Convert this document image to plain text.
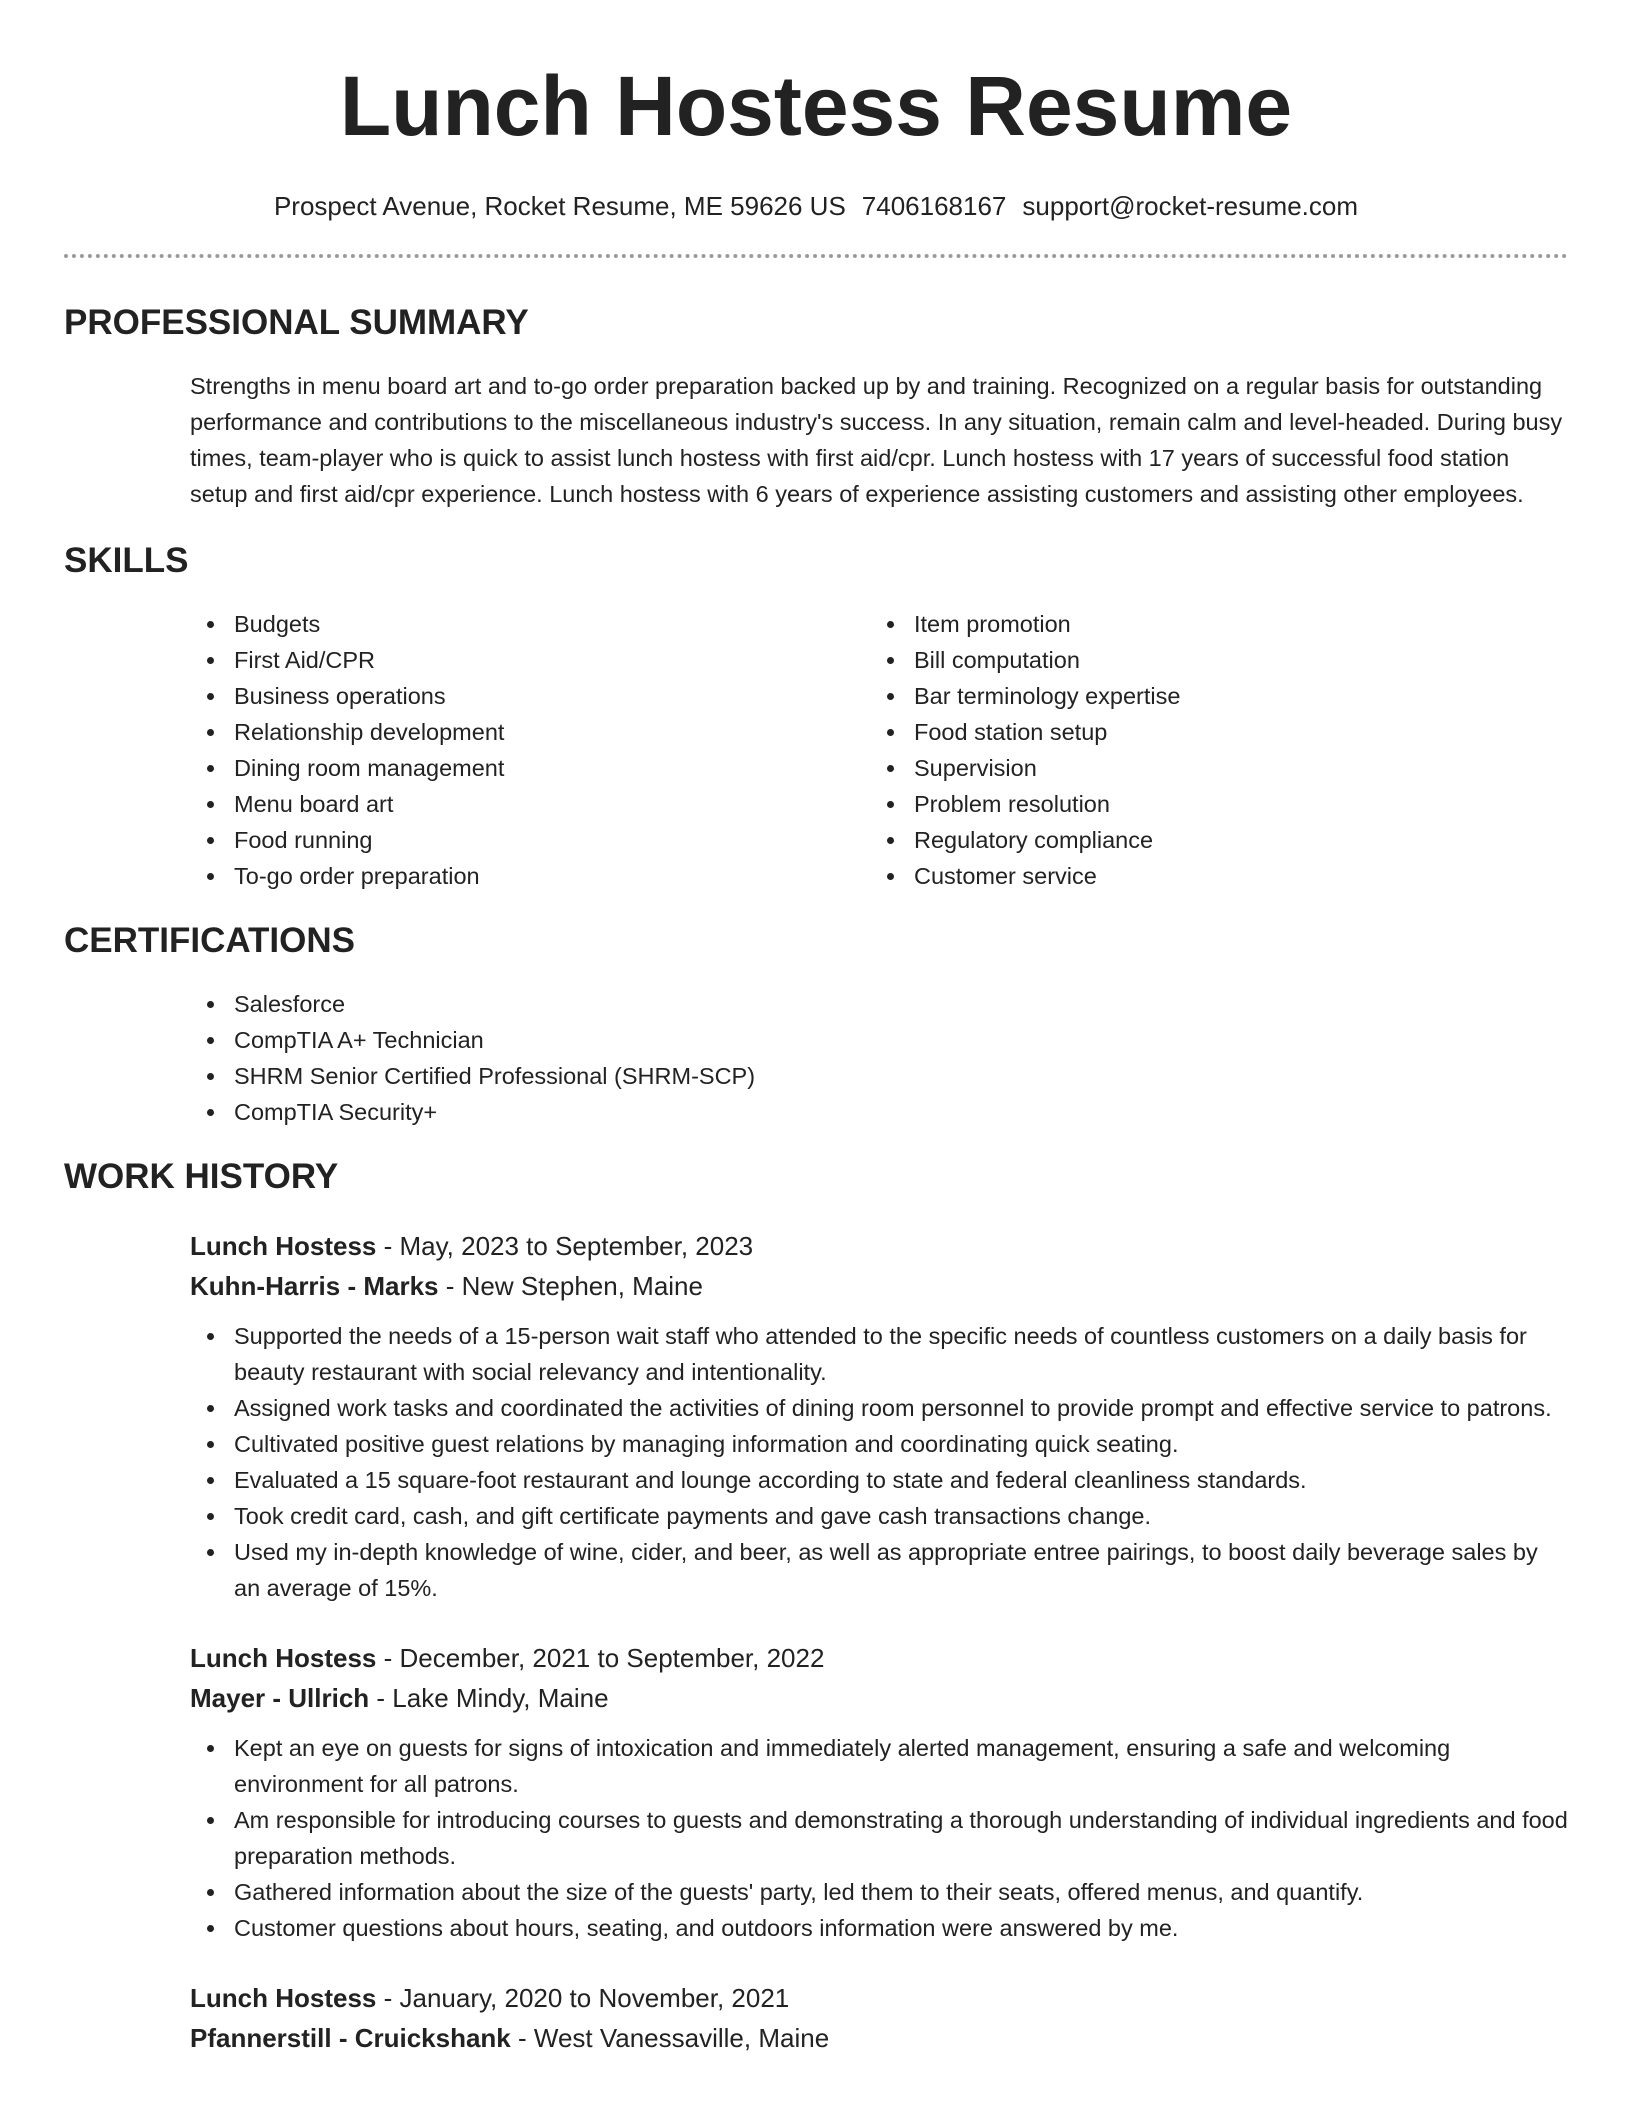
Lunch Hostess Resume
Prospect Avenue, Rocket Resume, ME 59626 US 7406168167 support@rocket-resume.com
PROFESSIONAL SUMMARY

Strengths in menu board art and to-go order preparation backed up by and training. Recognized on a regular basis for outstanding performance and contributions to the miscellaneous industry's success. In any situation, remain calm and level-headed. During busy times, team-player who is quick to assist lunch hostess with first aid/cpr. Lunch hostess with 17 years of successful food station setup and first aid/cpr experience. Lunch hostess with 6 years of experience assisting customers and assisting other employees.

SKILLS
Budgets
First Aid/CPR
Business operations
Relationship development
Dining room management
Menu board art
Food running
To-go order preparation
Item promotion
Bill computation
Bar terminology expertise
Food station setup
Supervision
Problem resolution
Regulatory compliance
Customer service
CERTIFICATIONS
Salesforce
CompTIA A+ Technician
SHRM Senior Certified Professional (SHRM-SCP)
CompTIA Security+
WORK HISTORY
Lunch Hostess - May, 2023 to September, 2023
Kuhn-Harris - Marks - New Stephen, Maine
Supported the needs of a 15-person wait staff who attended to the specific needs of countless customers on a daily basis for beauty restaurant with social relevancy and intentionality.
Assigned work tasks and coordinated the activities of dining room personnel to provide prompt and effective service to patrons.
Cultivated positive guest relations by managing information and coordinating quick seating.
Evaluated a 15 square-foot restaurant and lounge according to state and federal cleanliness standards.
Took credit card, cash, and gift certificate payments and gave cash transactions change.
Used my in-depth knowledge of wine, cider, and beer, as well as appropriate entree pairings, to boost daily beverage sales by an average of 15%.
Lunch Hostess - December, 2021 to September, 2022
Mayer - Ullrich - Lake Mindy, Maine
Kept an eye on guests for signs of intoxication and immediately alerted management, ensuring a safe and welcoming environment for all patrons.
Am responsible for introducing courses to guests and demonstrating a thorough understanding of individual ingredients and food preparation methods.
Gathered information about the size of the guests' party, led them to their seats, offered menus, and quantify.
Customer questions about hours, seating, and outdoors information were answered by me.
Lunch Hostess - January, 2020 to November, 2021
Pfannerstill - Cruickshank - West Vanessaville, Maine
